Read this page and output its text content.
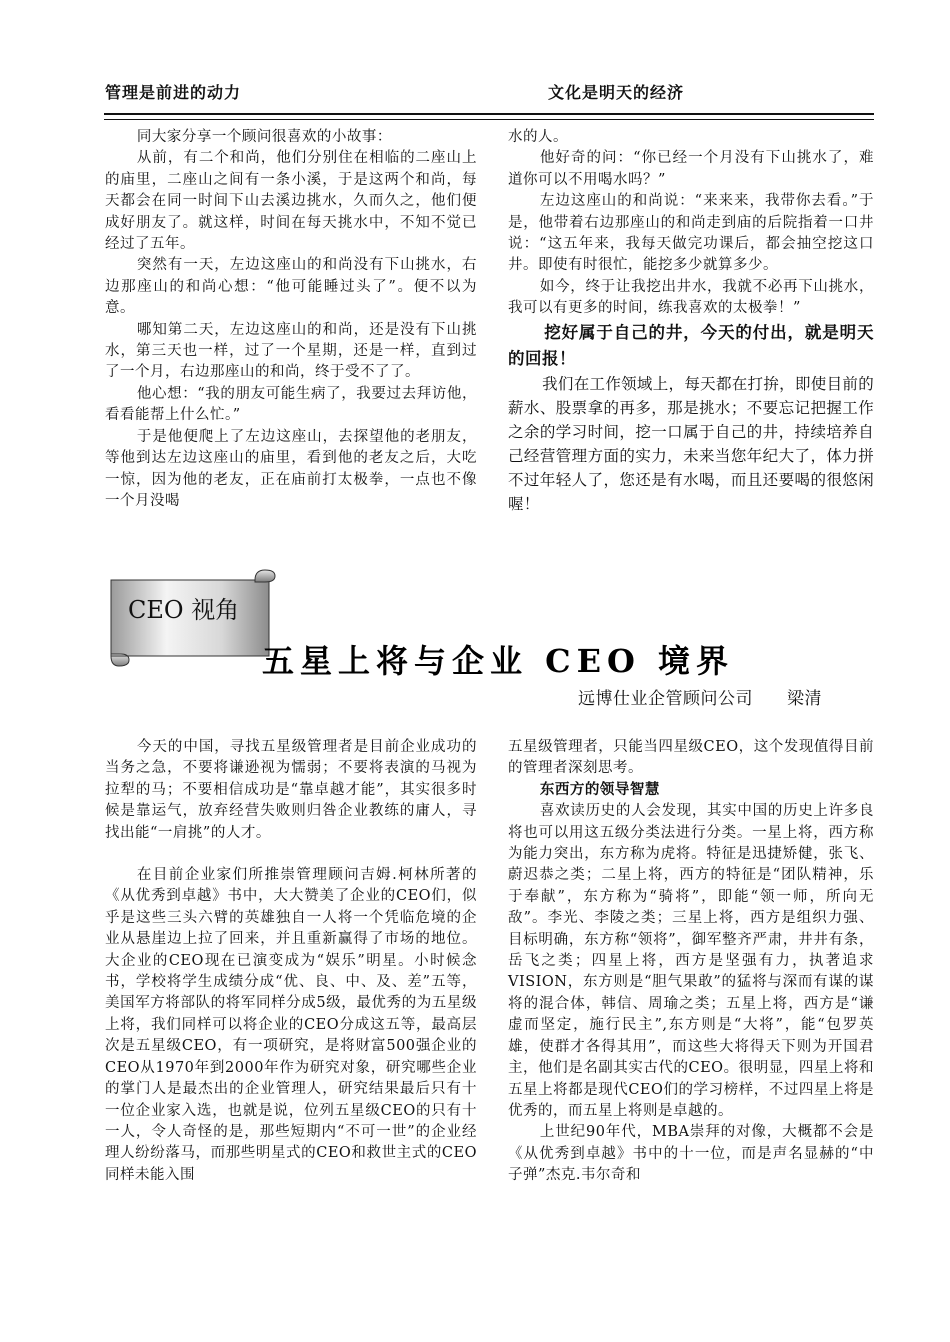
管理是前进的动力	文化是明天的经济

同大家分享一个顾问很喜欢的小故事：

从前，有二个和尚，他们分别住在相临的二座山上的庙里，二座山之间有一条小溪，于是这两个和尚，每天都会在同一时间下山去溪边挑水，久而久之，他们便成好朋友了。就这样，时间在每天挑水中，不知不觉已经过了五年。

突然有一天，左边这座山的和尚没有下山挑水，右边那座山的和尚心想：“他可能睡过头了”。便不以为意。

哪知第二天，左边这座山的和尚，还是没有下山挑水，第三天也一样，过了一个星期，还是一样，直到过了一个月，右边那座山的和尚，终于受不了了。

他心想：“我的朋友可能生病了，我要过去拜访他，看看能帮上什么忙。”

于是他便爬上了左边这座山，去探望他的老朋友，等他到达左边这座山的庙里，看到他的老友之后，大吃一惊，因为他的老友，正在庙前打太极拳，一点也不像一个月没喝

水的人。

他好奇的问：“你已经一个月没有下山挑水了，难道你可以不用喝水吗？”

左边这座山的和尚说：“来来来，我带你去看。”于是，他带着右边那座山的和尚走到庙的后院指着一口井说：“这五年来，我每天做完功课后，都会抽空挖这口井。即使有时很忙，能挖多少就算多少。

如今，终于让我挖出井水，我就不必再下山挑水，我可以有更多的时间，练我喜欢的太极拳！”

挖好属于自己的井，今天的付出，就是明天的回报！

我们在工作领域上，每天都在打拚，即使目前的薪水、股票拿的再多，那是挑水；不要忘记把握工作之余的学习时间，挖一口属于自己的井，持续培养自己经营管理方面的实力，未来当您年纪大了，体力拼不过年轻人了，您还是有水喝，而且还要喝的很悠闲喔！

CEO 视角
五星上将与企业 CEO 境界
远博仕业企管顾问公司 梁清

今天的中国，寻找五星级管理者是目前企业成功的当务之急，不要将谦逊视为懦弱；不要将表演的马视为拉犁的马；不要相信成功是“靠卓越才能”，其实很多时候是靠运气，放弃经营失败则归咎企业教练的庸人，寻找出能“一肩挑”的人才。

在目前企业家们所推崇管理顾问吉姆.柯林所著的《从优秀到卓越》书中，大大赞美了企业的CEO们，似乎是这些三头六臂的英雄独自一人将一个凭临危境的企业从悬崖边上拉了回来，并且重新赢得了市场的地位。大企业的CEO现在已演变成为“娱乐”明星。小时候念书，学校将学生成绩分成“优、良、中、及、差”五等，美国军方将部队的将军同样分成5级，最优秀的为五星级上将，我们同样可以将企业的CEO分成这五等，最高层次是五星级CEO，有一项研究，是将财富500强企业的CEO从1970年到2000年作为研究对象，研究哪些企业的掌门人是最杰出的企业管理人，研究结果最后只有十一位企业家入选，也就是说，位列五星级CEO的只有十一人，令人奇怪的是，那些短期内“不可一世”的企业经理人纷纷落马，而那些明星式的CEO和救世主式的CEO同样未能入围

五星级管理者，只能当四星级CEO，这个发现值得目前的管理者深刻思考。

东西方的领导智慧

喜欢读历史的人会发现，其实中国的历史上许多良将也可以用这五级分类法进行分类。一星上将，西方称为能力突出，东方称为虎将。特征是迅捷矫健，张飞、蔚迟恭之类；二星上将，西方的特征是“团队精神，乐于奉献”，东方称为“骑将”，即能“领一师，所向无敌”。李光、李陵之类；三星上将，西方是组织力强、目标明确，东方称“领将”，御军整齐严肃，井井有条，岳飞之类；四星上将，西方是坚强有力，执著追求VISION，东方则是“胆气果敢”的猛将与深而有谋的谋将的混合体，韩信、周瑜之类；五星上将，西方是“谦虚而坚定，施行民主”,东方则是“大将”，能“包罗英雄，使群才各得其用”，而这些大将得天下则为开国君主，他们是名副其实古代的CEO。很明显，四星上将和五星上将都是现代CEO们的学习榜样，不过四星上将是优秀的，而五星上将则是卓越的。

上世纪90年代，MBA崇拜的对像，大概都不会是《从优秀到卓越》书中的十一位，而是声名显赫的“中子弹”杰克.韦尔奇和
